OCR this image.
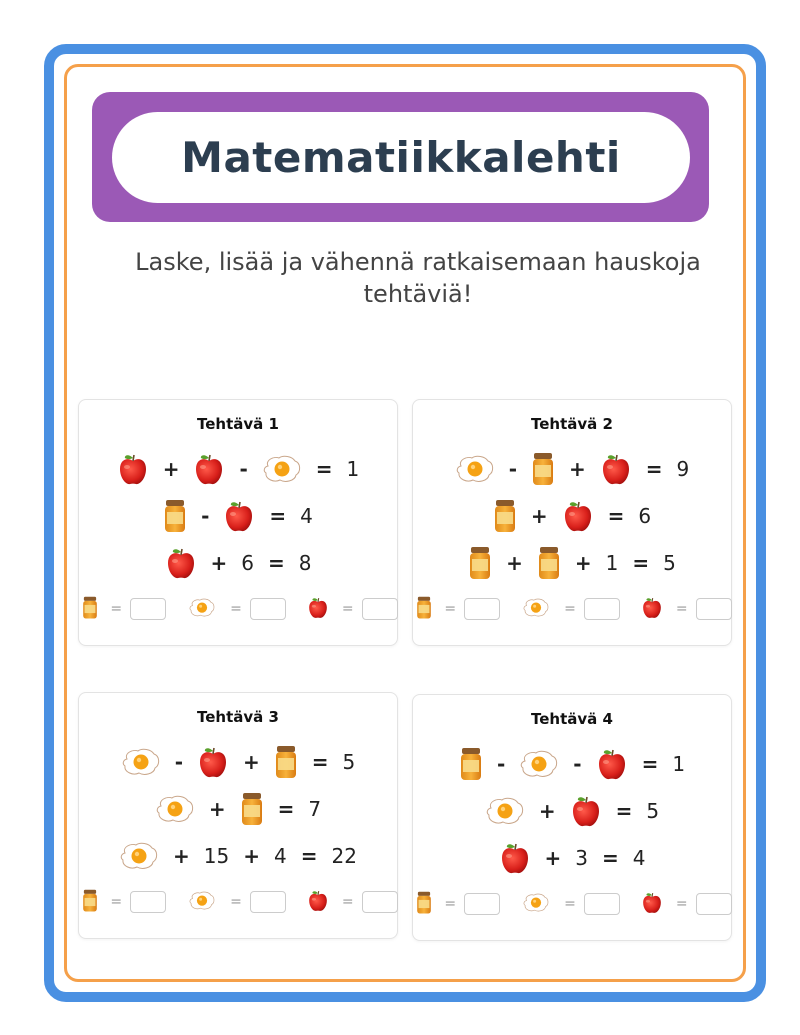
Matematiikkalehti
Laske, lisää ja vähennä ratkaisemaan hauskoja tehtäviä!
Tehtävä 1
+	-	= 1
-	= 4
+ 6 = 8
=	=	=
Tehtävä 2
-	+	= 9
+	= 6
+	+ 1 = 5
=	=	=
Tehtävä 3
-	+	= 5
+	= 7
+ 15 + 4 = 22
=	=	=
Tehtävä 4
-	-	= 1
+	= 5
+ 3 = 4
=	=	=
